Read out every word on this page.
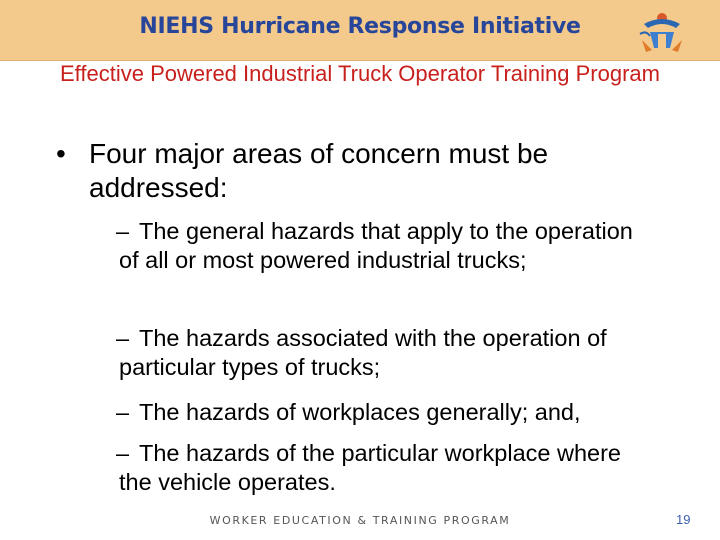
NIEHS Hurricane Response Initiative
Effective Powered Industrial Truck Operator Training Program
• Four major areas of concern must be addressed:
– The general hazards that apply to the operation of all or most powered industrial trucks;
– The hazards associated with the operation of particular types of trucks;
– The hazards of workplaces generally; and,
– The hazards of the particular workplace where the vehicle operates.
WORKER EDUCATION & TRAINING PROGRAM	19
